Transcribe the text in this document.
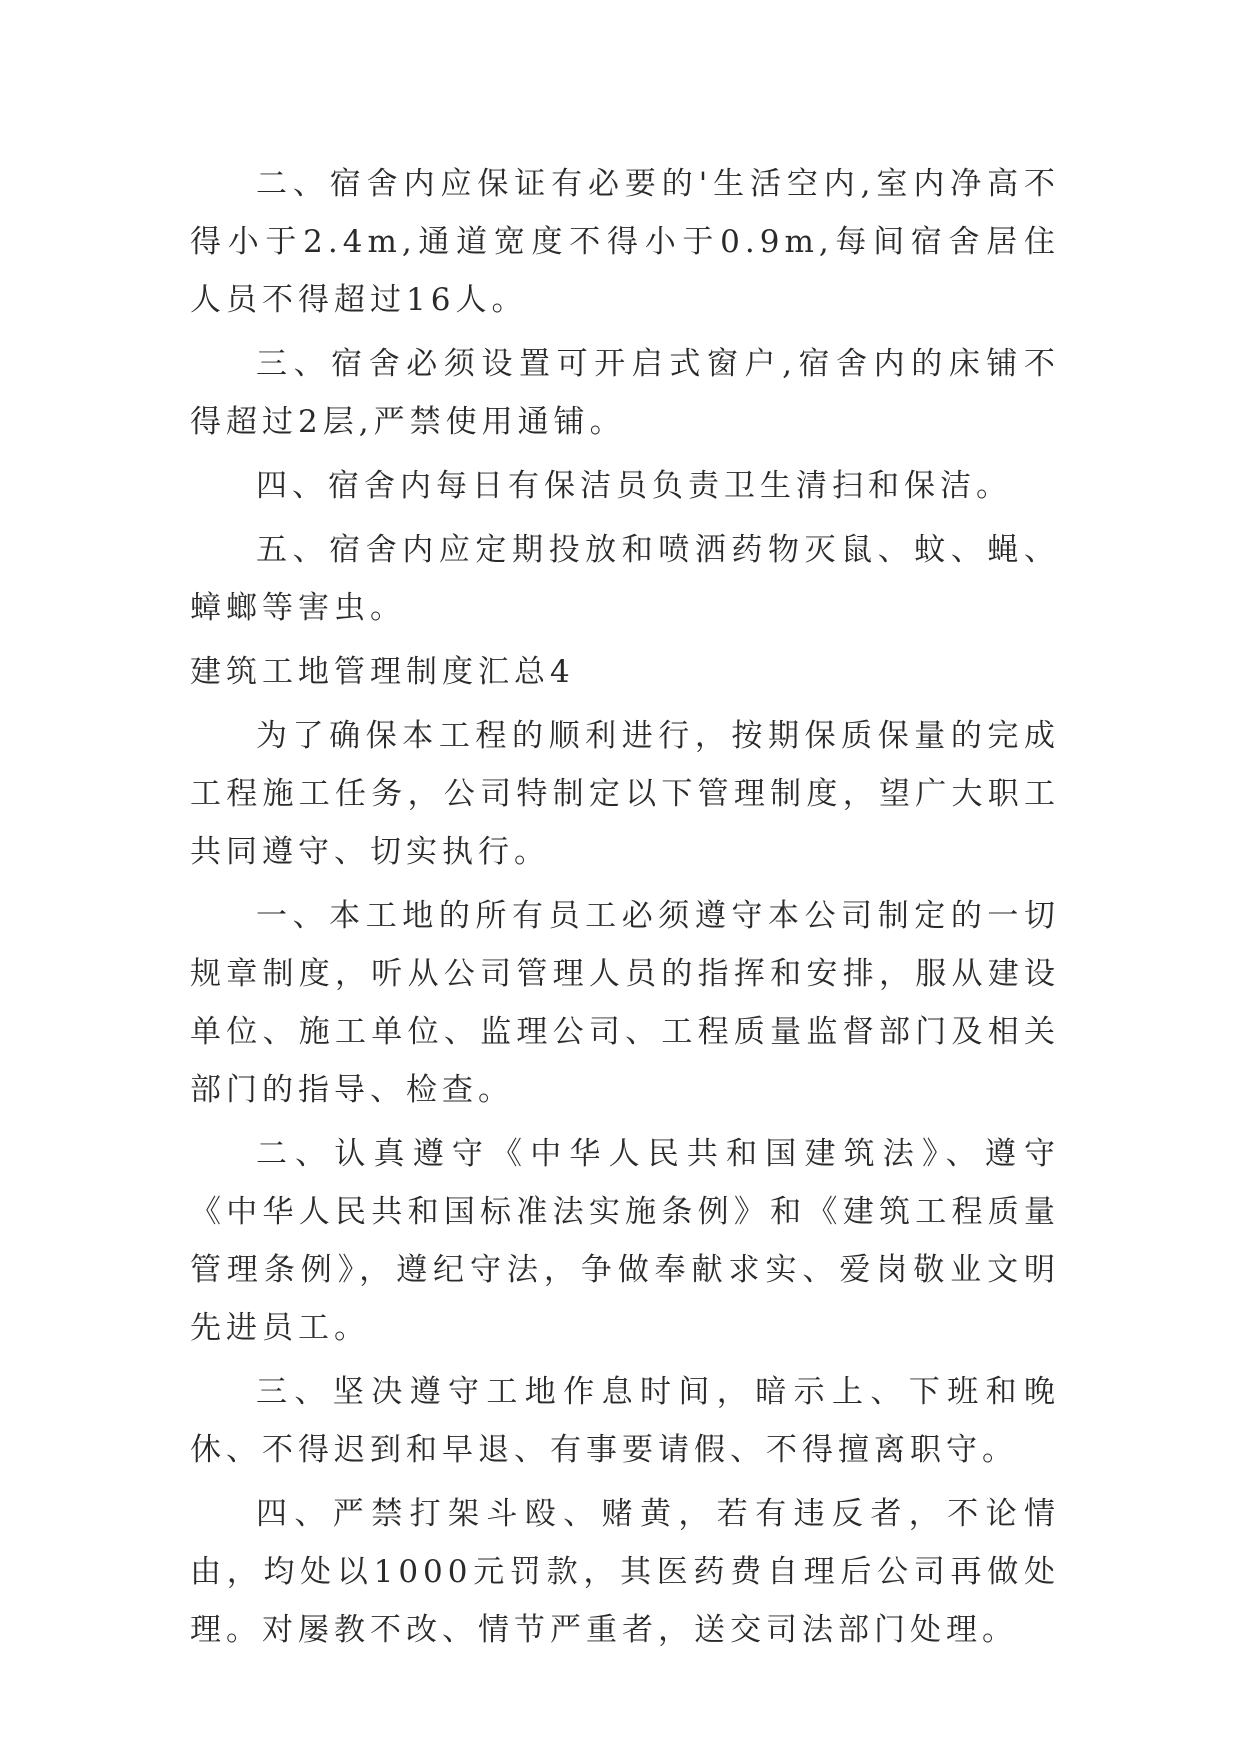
二、宿舍内应保证有必要的'生活空内,室内净高不得小于2.4m,通道宽度不得小于0.9m,每间宿舍居住人员不得超过16人。

三、宿舍必须设置可开启式窗户,宿舍内的床铺不得超过2层,严禁使用通铺。

四、宿舍内每日有保洁员负责卫生清扫和保洁。

五、宿舍内应定期投放和喷洒药物灭鼠、蚊、蝇、蟑螂等害虫。

建筑工地管理制度汇总4

为了确保本工程的顺利进行，按期保质保量的完成工程施工任务，公司特制定以下管理制度，望广大职工共同遵守、切实执行。

一、本工地的所有员工必须遵守本公司制定的一切规章制度，听从公司管理人员的指挥和安排，服从建设单位、施工单位、监理公司、工程质量监督部门及相关部门的指导、检查。

二、认真遵守《中华人民共和国建筑法》、遵守《中华人民共和国标准法实施条例》和《建筑工程质量管理条例》，遵纪守法，争做奉献求实、爱岗敬业文明先进员工。

三、坚决遵守工地作息时间，暗示上、下班和晚休、不得迟到和早退、有事要请假、不得擅离职守。

四、严禁打架斗殴、赌黄，若有违反者，不论情由，均处以1000元罚款，其医药费自理后公司再做处理。对屡教不改、情节严重者，送交司法部门处理。
